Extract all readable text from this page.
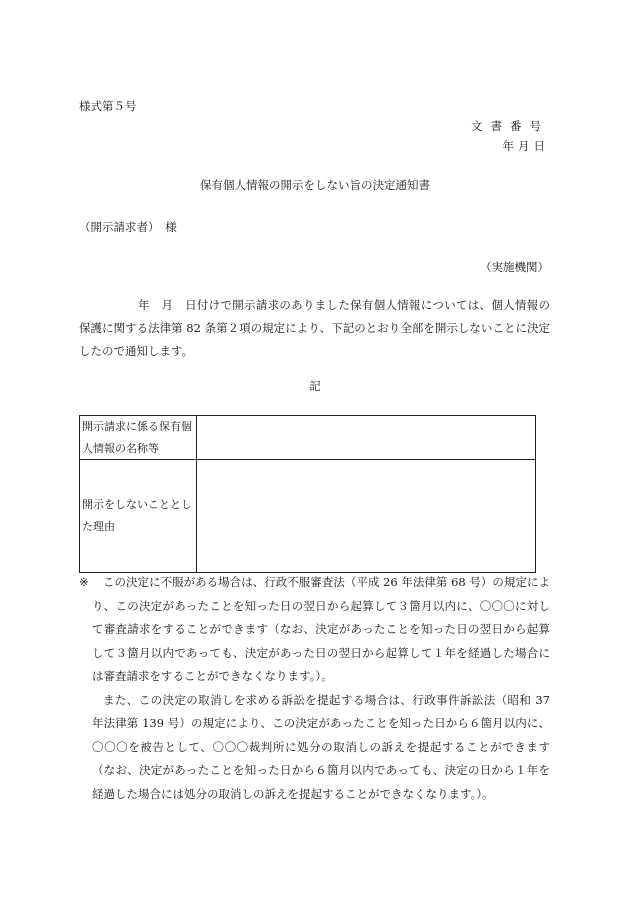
様式第５号
文書番号
年月日
保有個人情報の開示をしない旨の決定通知書
（開示請求者）　様
（実施機関）
　　　　　年　月　日付けで開示請求のありました保有個人情報については、個人情報の保護に関する法律第 82 条第２項の規定により、下記のとおり全部を開示しないことに決定したので通知します。
記
開示請求に係る保有個人情報の名称等
開示をしないこととした理由
※	この決定に不服がある場合は、行政不服審査法（平成 26 年法律第 68 号）の規定により、この決定があったことを知った日の翌日から起算して３箇月以内に、〇〇〇に対して審査請求をすることができます（なお、決定があったことを知った日の翌日から起算して３箇月以内であっても、決定があった日の翌日から起算して１年を経過した場合には審査請求をすることができなくなります。）。
また、この決定の取消しを求める訴訟を提起する場合は、行政事件訴訟法（昭和 37 年法律第 139 号）の規定により、この決定があったことを知った日から６箇月以内に、〇〇〇を被告として、〇〇〇裁判所に処分の取消しの訴えを提起することができます（なお、決定があったことを知った日から６箇月以内であっても、決定の日から１年を経過した場合には処分の取消しの訴えを提起することができなくなります。）。
